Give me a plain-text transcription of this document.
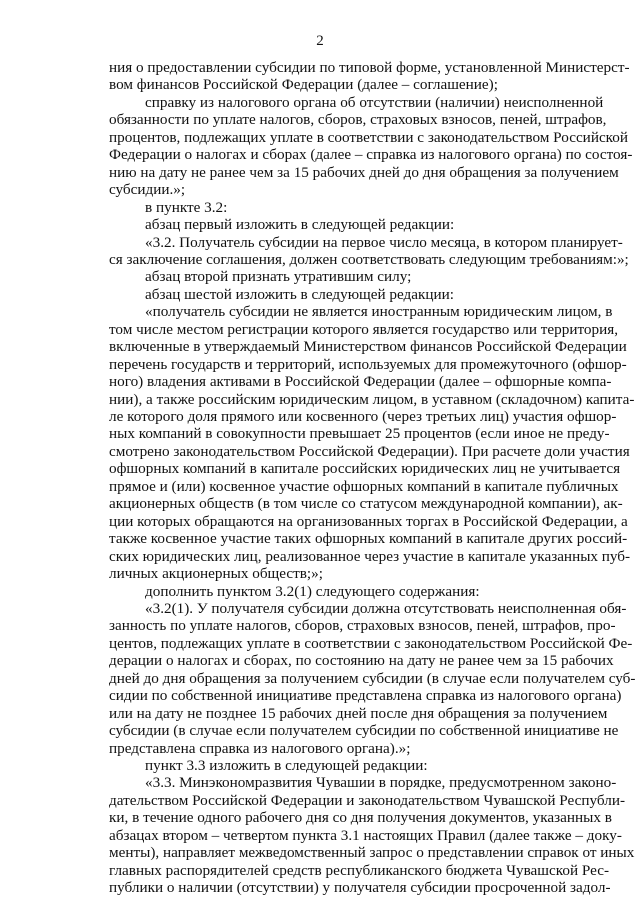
2
ния о предоставлении субсидии по типовой форме, установленной Министерст-
вом финансов Российской Федерации (далее – соглашение);
справку из налогового органа об отсутствии (наличии) неисполненной
обязанности по уплате налогов, сборов, страховых взносов, пеней, штрафов,
процентов, подлежащих уплате в соответствии с законодательством Российской
Федерации о налогах и сборах (далее – справка из налогового органа) по состоя-
нию на дату не ранее чем за 15 рабочих дней до дня обращения за получением
субсидии.»;
в пункте 3.2:
абзац первый изложить в следующей редакции:
«3.2. Получатель субсидии на первое число месяца, в котором планирует-
ся заключение соглашения, должен соответствовать следующим требованиям:»;
абзац второй признать утратившим силу;
абзац шестой изложить в следующей редакции:
«получатель субсидии не является иностранным юридическим лицом, в
том числе местом регистрации которого является государство или территория,
включенные в утверждаемый Министерством финансов Российской Федерации
перечень государств и территорий, используемых для промежуточного (офшор-
ного) владения активами в Российской Федерации (далее – офшорные компа-
нии), а также российским юридическим лицом, в уставном (складочном) капита-
ле которого доля прямого или косвенного (через третьих лиц) участия офшор-
ных компаний в совокупности превышает 25 процентов (если иное не преду-
смотрено законодательством Российской Федерации). При расчете доли участия
офшорных компаний в капитале российских юридических лиц не учитывается
прямое и (или) косвенное участие офшорных компаний в капитале публичных
акционерных обществ (в том числе со статусом международной компании), ак-
ции которых обращаются на организованных торгах в Российской Федерации, а
также косвенное участие таких офшорных компаний в капитале других россий-
ских юридических лиц, реализованное через участие в капитале указанных пуб-
личных акционерных обществ;»;
дополнить пунктом 3.2(1) следующего содержания:
«3.2(1). У получателя субсидии должна отсутствовать неисполненная обя-
занность по уплате налогов, сборов, страховых взносов, пеней, штрафов, про-
центов, подлежащих уплате в соответствии с законодательством Российской Фе-
дерации о налогах и сборах, по состоянию на дату не ранее чем за 15 рабочих
дней до дня обращения за получением субсидии (в случае если получателем суб-
сидии по собственной инициативе представлена справка из налогового органа)
или на дату не позднее 15 рабочих дней после дня обращения за получением
субсидии (в случае если получателем субсидии по собственной инициативе не
представлена справка из налогового органа).»;
пункт 3.3 изложить в следующей редакции:
«3.3. Минэкономразвития Чувашии в порядке, предусмотренном законо-
дательством Российской Федерации и законодательством Чувашской Республи-
ки, в течение одного рабочего дня со дня получения документов, указанных в
абзацах втором – четвертом пункта 3.1 настоящих Правил (далее также – доку-
менты), направляет межведомственный запрос о представлении справок от иных
главных распорядителей средств республиканского бюджета Чувашской Рес-
публики о наличии (отсутствии) у получателя субсидии просроченной задол-
